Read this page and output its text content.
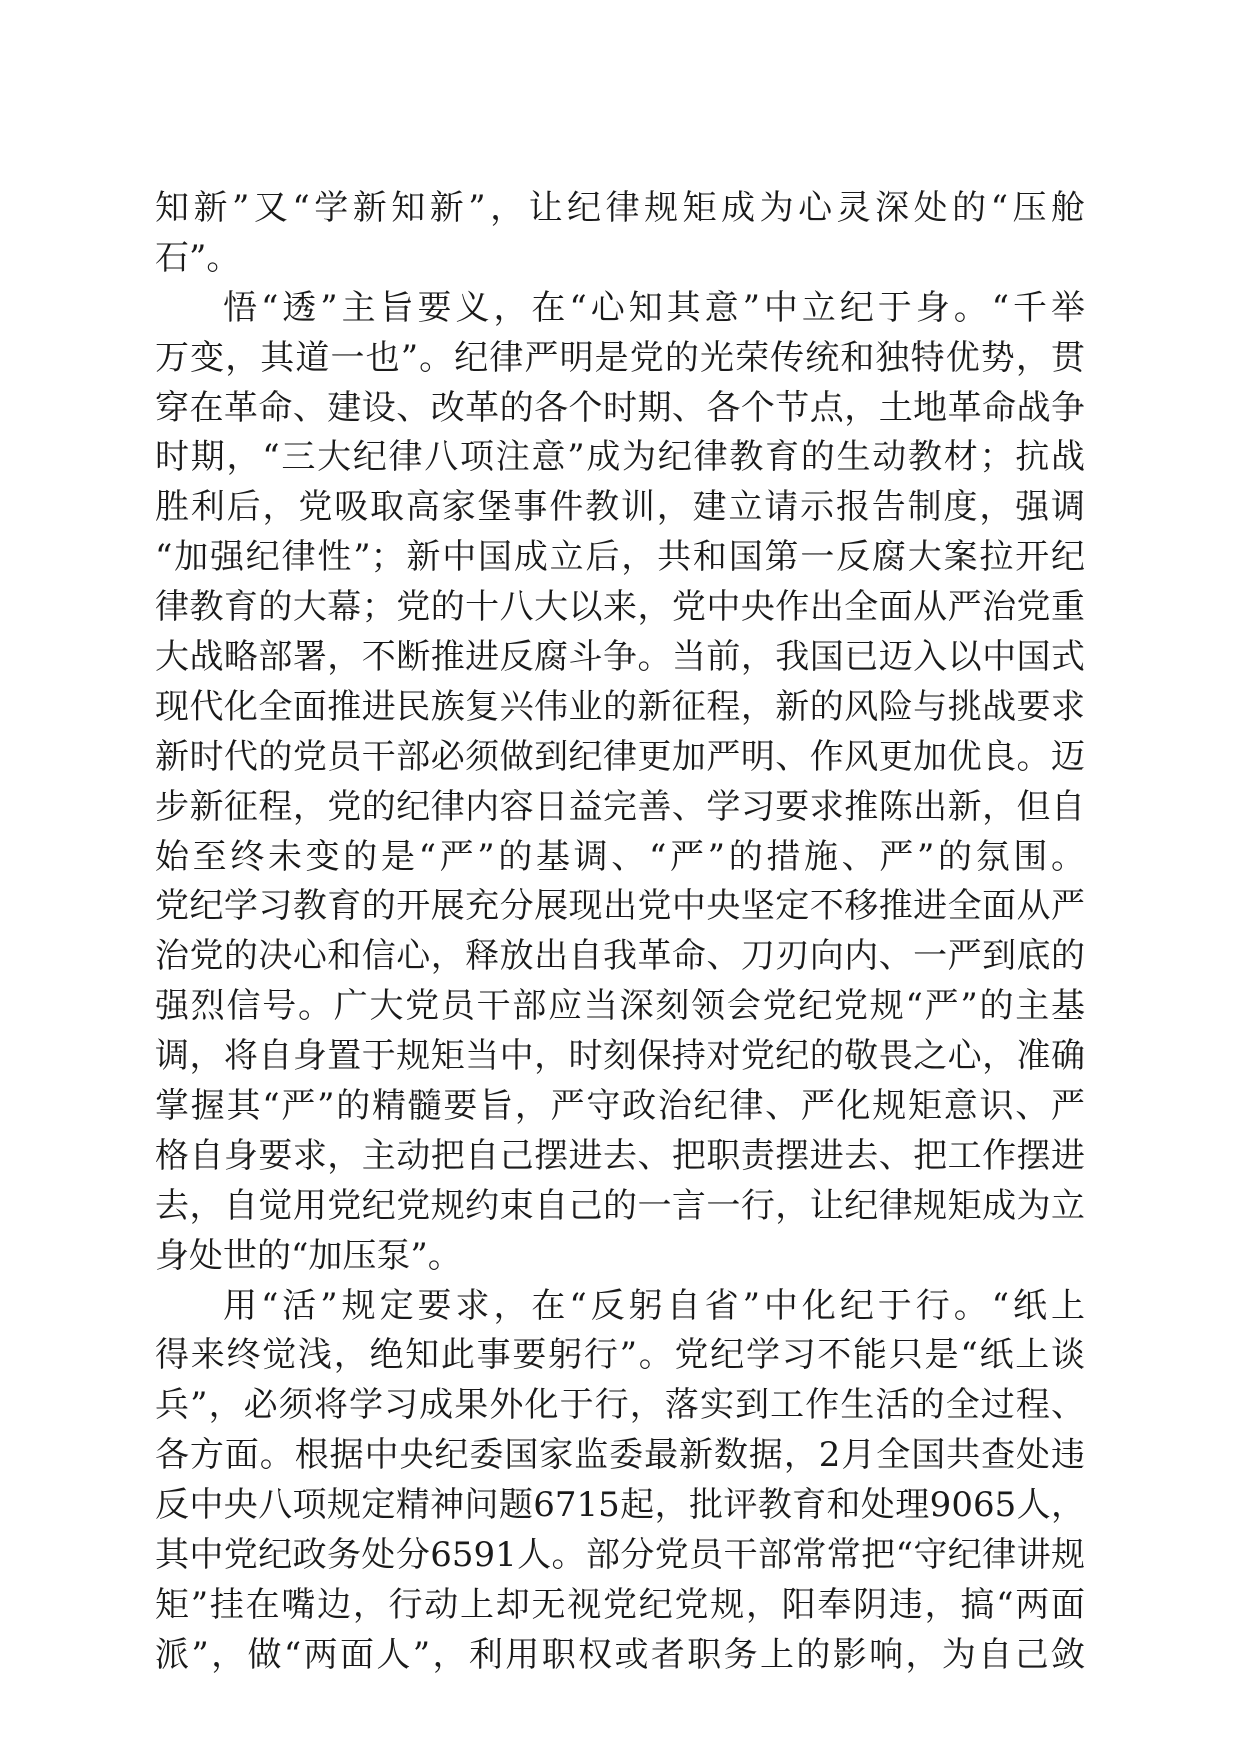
知新”又“学新知新”，让纪律规矩成为心灵深处的“压舱
石”。
悟“透”主旨要义，在“心知其意”中立纪于身。“千举
万变，其道一也”。纪律严明是党的光荣传统和独特优势，贯
穿在革命、建设、改革的各个时期、各个节点，土地革命战争
时期，“三大纪律八项注意”成为纪律教育的生动教材；抗战
胜利后，党吸取高家堡事件教训，建立请示报告制度，强调
“加强纪律性”；新中国成立后，共和国第一反腐大案拉开纪
律教育的大幕；党的十八大以来，党中央作出全面从严治党重
大战略部署，不断推进反腐斗争。当前，我国已迈入以中国式
现代化全面推进民族复兴伟业的新征程，新的风险与挑战要求
新时代的党员干部必须做到纪律更加严明、作风更加优良。迈
步新征程，党的纪律内容日益完善、学习要求推陈出新，但自
始至终未变的是“严”的基调、“严”的措施、严”的氛围。
党纪学习教育的开展充分展现出党中央坚定不移推进全面从严
治党的决心和信心，释放出自我革命、刀刃向内、一严到底的
强烈信号。广大党员干部应当深刻领会党纪党规“严”的主基
调，将自身置于规矩当中，时刻保持对党纪的敬畏之心，准确
掌握其“严”的精髓要旨，严守政治纪律、严化规矩意识、严
格自身要求，主动把自己摆进去、把职责摆进去、把工作摆进
去，自觉用党纪党规约束自己的一言一行，让纪律规矩成为立
身处世的“加压泵”。
用“活”规定要求，在“反躬自省”中化纪于行。“纸上
得来终觉浅，绝知此事要躬行”。党纪学习不能只是“纸上谈
兵”，必须将学习成果外化于行，落实到工作生活的全过程、
各方面。根据中央纪委国家监委最新数据，2月全国共查处违
反中央八项规定精神问题6715起，批评教育和处理9065人，
其中党纪政务处分6591人。部分党员干部常常把“守纪律讲规
矩”挂在嘴边，行动上却无视党纪党规，阳奉阴违，搞“两面
派”，做“两面人”，利用职权或者职务上的影响，为自己敛
